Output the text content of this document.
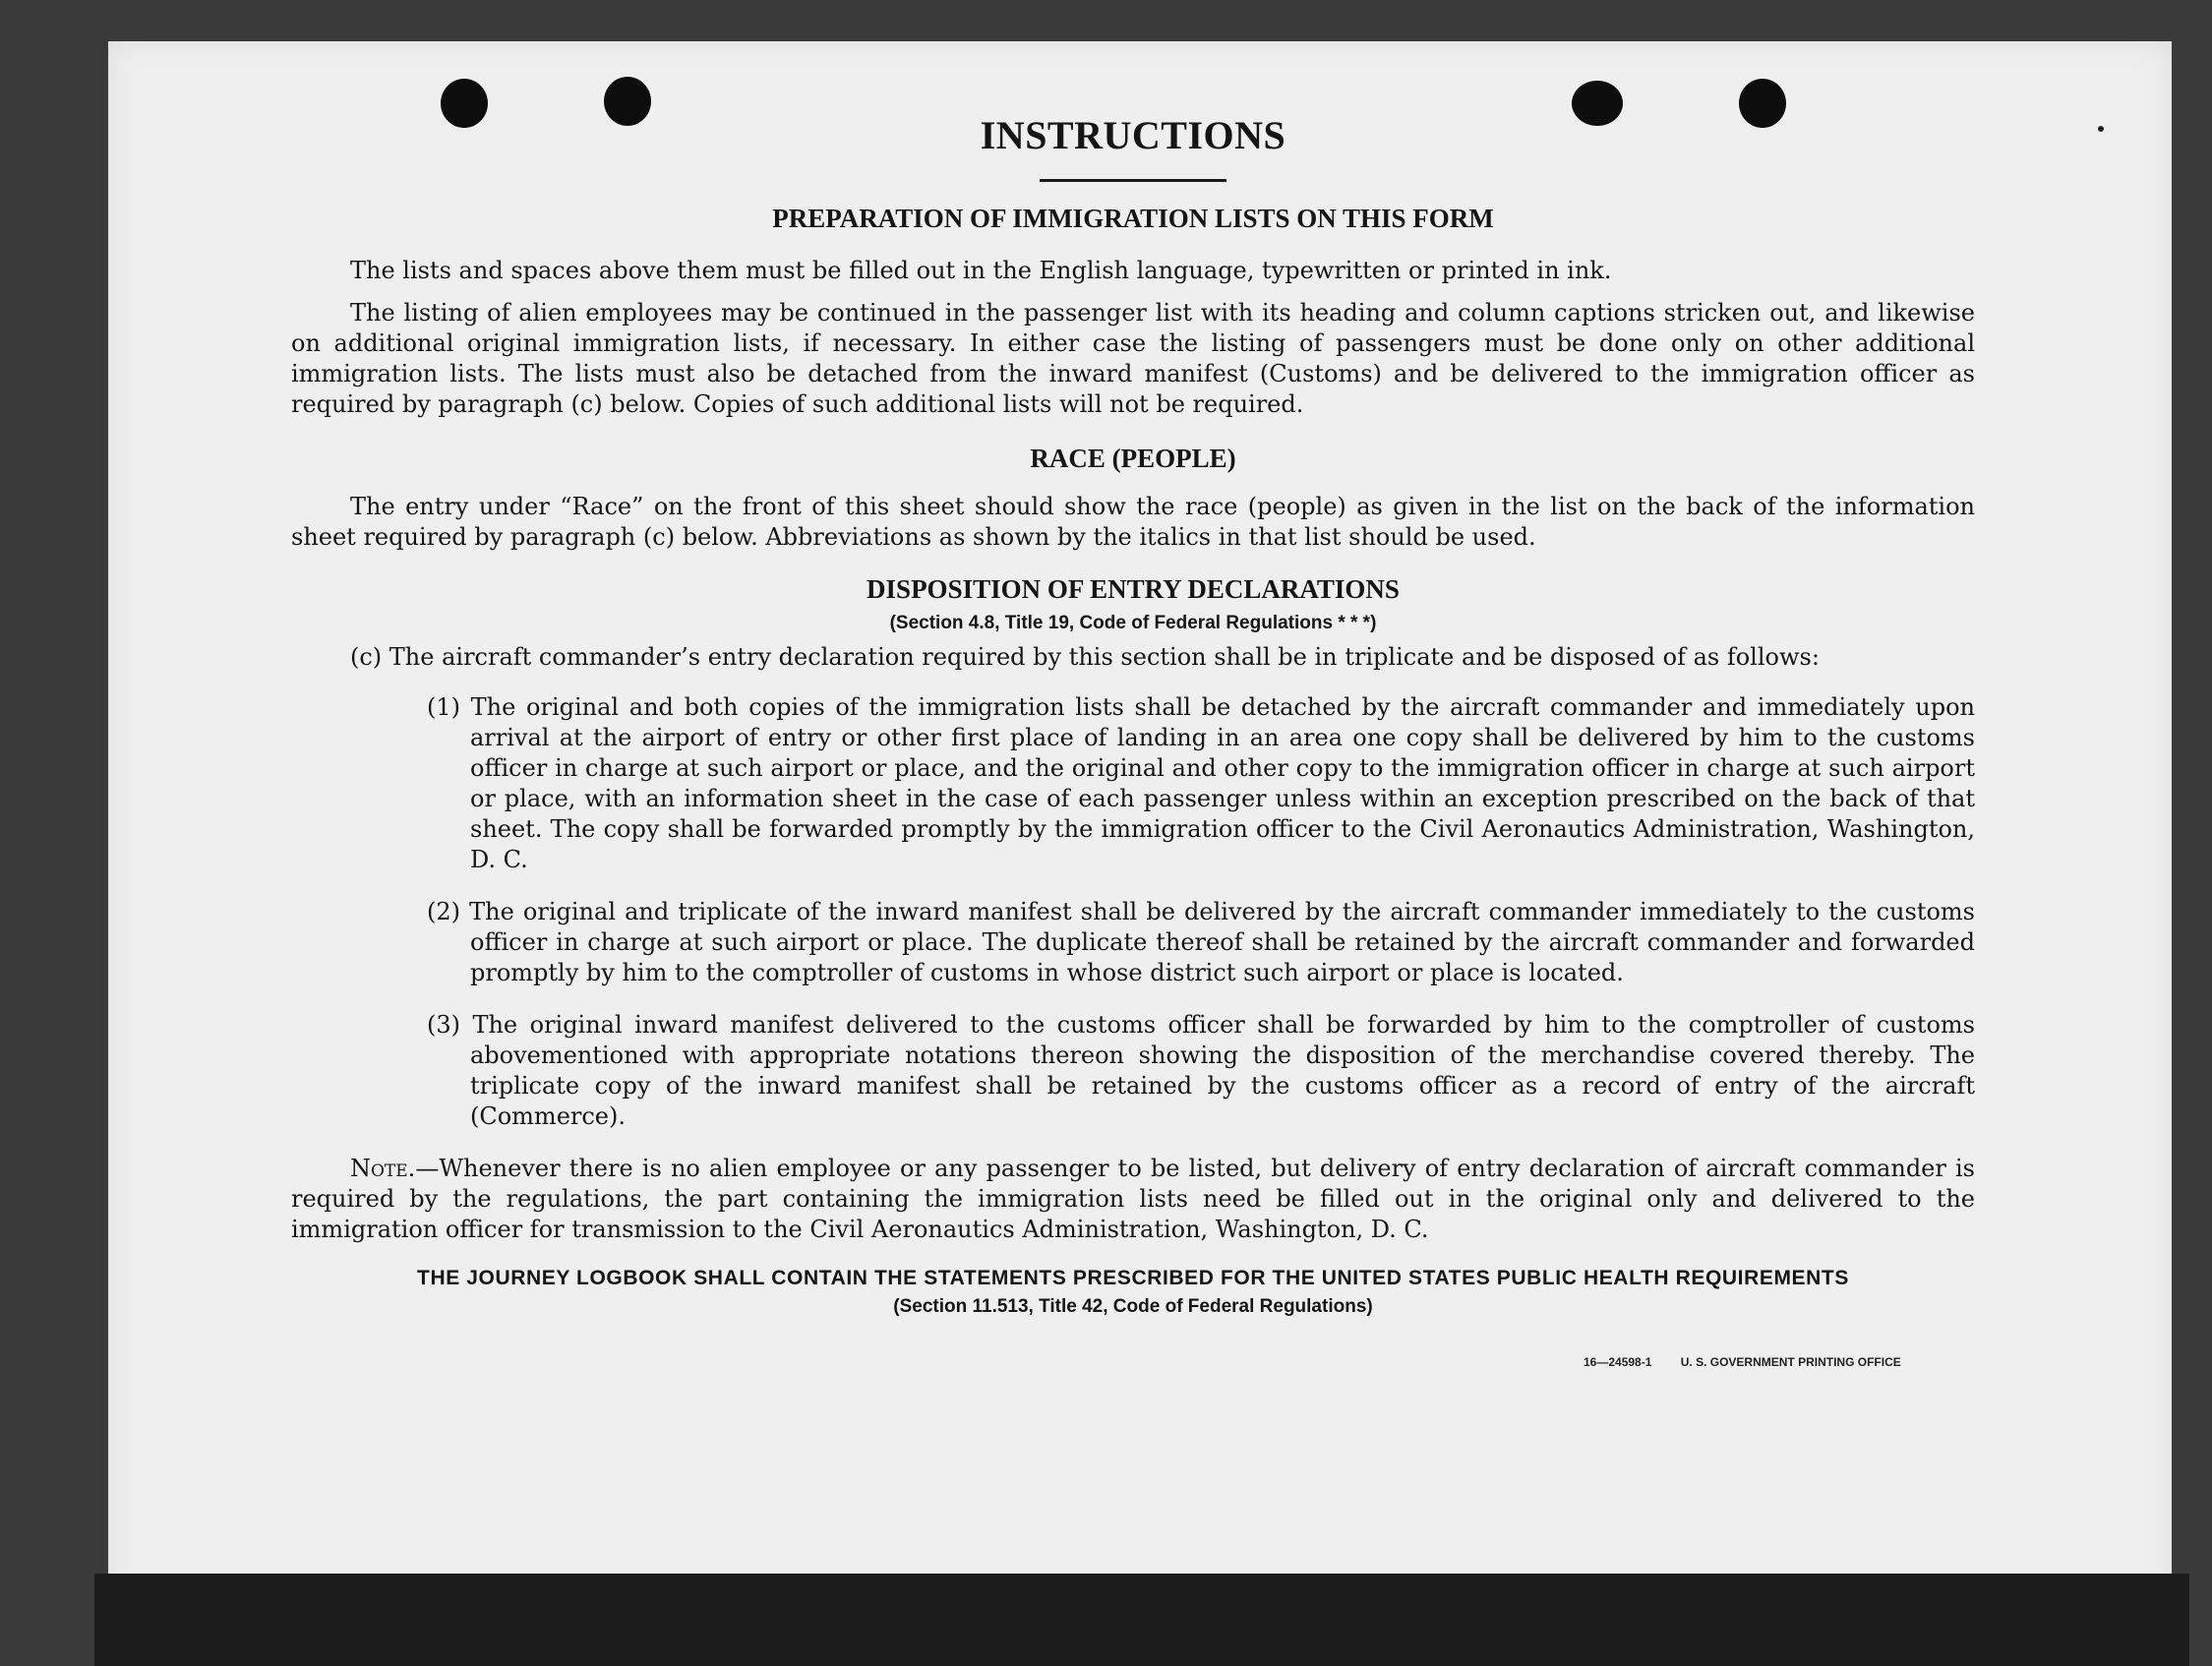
INSTRUCTIONS
PREPARATION OF IMMIGRATION LISTS ON THIS FORM

The lists and spaces above them must be filled out in the English language, typewritten or printed in ink.

The listing of alien employees may be continued in the passenger list with its heading and column captions stricken out, and likewise on additional original immigration lists, if necessary. In either case the listing of passengers must be done only on other additional immigration lists. The lists must also be detached from the inward manifest (Customs) and be delivered to the immigration officer as required by paragraph (c) below. Copies of such additional lists will not be required.

RACE (PEOPLE)

The entry under “Race” on the front of this sheet should show the race (people) as given in the list on the back of the information sheet required by paragraph (c) below. Abbreviations as shown by the italics in that list should be used.

DISPOSITION OF ENTRY DECLARATIONS
(Section 4.8, Title 19, Code of Federal Regulations * * *)

(c) The aircraft commander’s entry declaration required by this section shall be in triplicate and be disposed of as follows:

(1) The original and both copies of the immigration lists shall be detached by the aircraft commander and immediately upon arrival at the airport of entry or other first place of landing in an area one copy shall be delivered by him to the customs officer in charge at such airport or place, and the original and other copy to the immigration officer in charge at such airport or place, with an information sheet in the case of each passenger unless within an exception prescribed on the back of that sheet. The copy shall be forwarded promptly by the immigration officer to the Civil Aeronautics Administration, Washington, D. C.

(2) The original and triplicate of the inward manifest shall be delivered by the aircraft commander immediately to the customs officer in charge at such airport or place. The duplicate thereof shall be retained by the aircraft commander and forwarded promptly by him to the comptroller of customs in whose district such airport or place is located.

(3) The original inward manifest delivered to the customs officer shall be forwarded by him to the comptroller of customs abovementioned with appropriate notations thereon showing the disposition of the merchandise covered thereby. The triplicate copy of the inward manifest shall be retained by the customs officer as a record of entry of the aircraft (Commerce).

Note.—Whenever there is no alien employee or any passenger to be listed, but delivery of entry declaration of aircraft commander is required by the regulations, the part containing the immigration lists need be filled out in the original only and delivered to the immigration officer for transmission to the Civil Aeronautics Administration, Washington, D. C.

THE JOURNEY LOGBOOK SHALL CONTAIN THE STATEMENTS PRESCRIBED FOR THE UNITED STATES PUBLIC HEALTH REQUIREMENTS
(Section 11.513, Title 42, Code of Federal Regulations)
16—24598-1 U. S. GOVERNMENT PRINTING OFFICE
